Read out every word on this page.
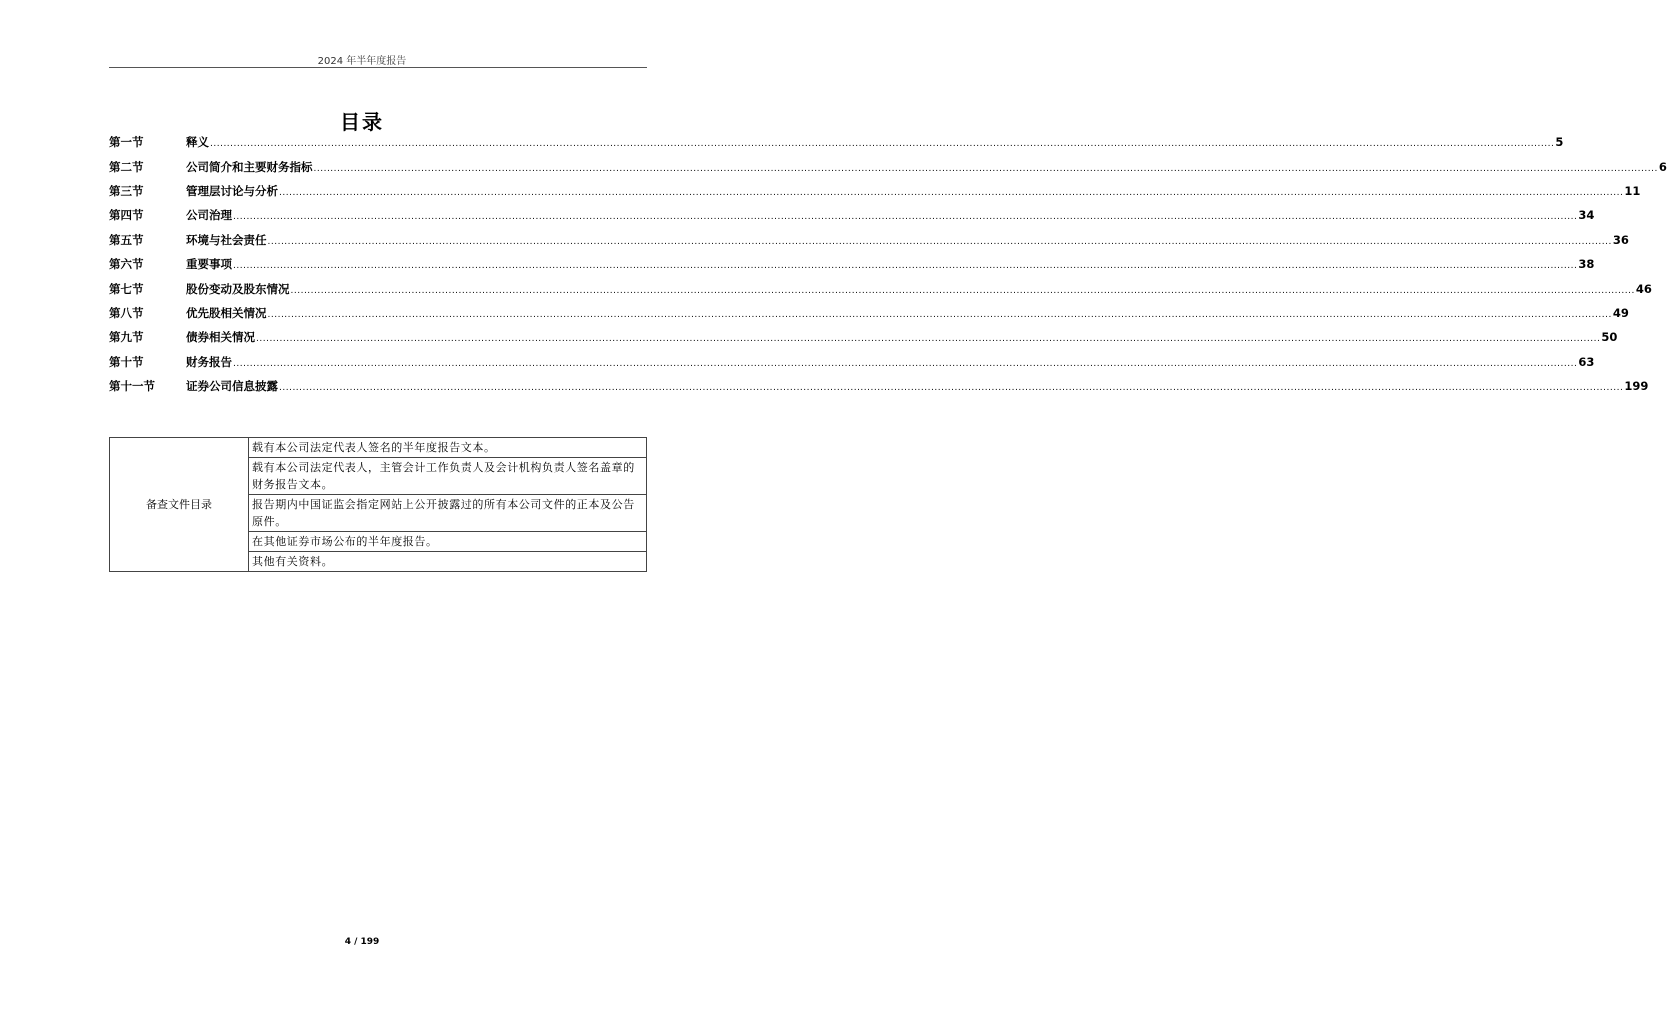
2024 年半年度报告
目录
第一节	释义 ................................................................................................................................................................................................................................................................................................................................................................................................................ 5
第二节	公司简介和主要财务指标 ................................................................................................................................................................................................................................................................................................................................................................................................................ 6
第三节	管理层讨论与分析 ................................................................................................................................................................................................................................................................................................................................................................................................................ 11
第四节	公司治理 ................................................................................................................................................................................................................................................................................................................................................................................................................ 34
第五节	环境与社会责任 ................................................................................................................................................................................................................................................................................................................................................................................................................ 36
第六节	重要事项 ................................................................................................................................................................................................................................................................................................................................................................................................................ 38
第七节	股份变动及股东情况 ................................................................................................................................................................................................................................................................................................................................................................................................................ 46
第八节	优先股相关情况 ................................................................................................................................................................................................................................................................................................................................................................................................................ 49
第九节	债券相关情况 ................................................................................................................................................................................................................................................................................................................................................................................................................ 50
第十节	财务报告 ................................................................................................................................................................................................................................................................................................................................................................................................................ 63
第十一节	证券公司信息披露 ................................................................................................................................................................................................................................................................................................................................................................................................................ 199
备查文件目录	载有本公司法定代表人签名的半年度报告文本。
载有本公司法定代表人，主管会计工作负责人及会计机构负责人签名盖章的财务报告文本。
报告期内中国证监会指定网站上公开披露过的所有本公司文件的正本及公告原件。
在其他证券市场公布的半年度报告。
其他有关资料。
4 / 199
